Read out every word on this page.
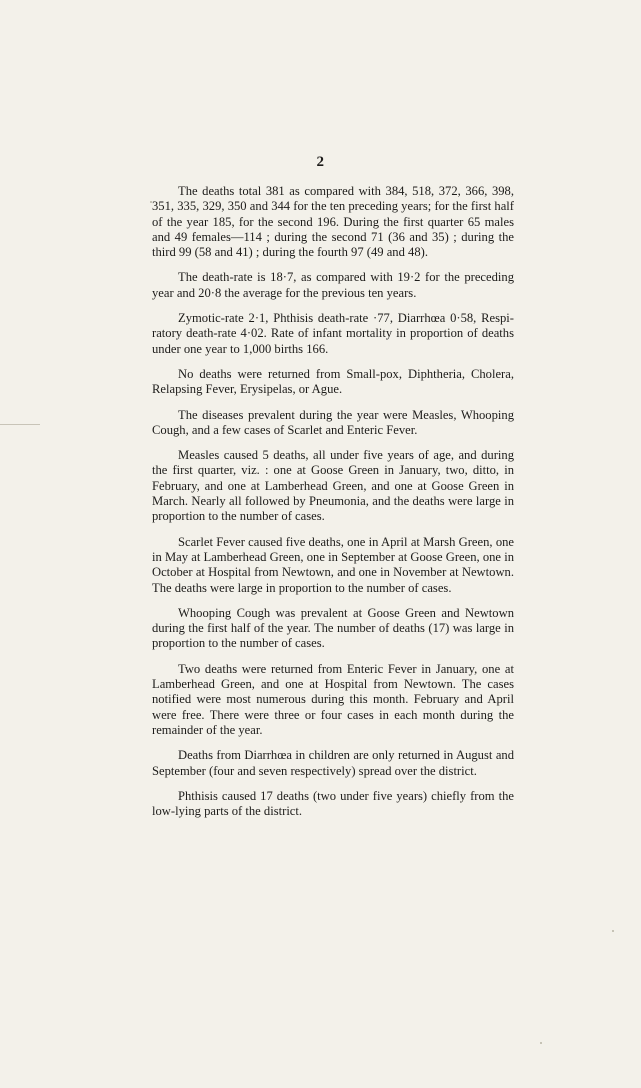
2

The deaths total 381 as compared with 384, 518, 372, 366, 398, 351, 335, 329, 350 and 344 for the ten preceding years; for the first half of the year 185, for the second 196. During the first quarter 65 males and 49 females—114 ; during the second 71 (36 and 35) ; during the third 99 (58 and 41) ; during the fourth 97 (49 and 48).

The death-rate is 18·7, as compared with 19·2 for the preceding year and 20·8 the average for the previous ten years.

Zymotic-rate 2·1, Phthisis death-rate ·77, Diarrhœa 0·58, Respi-ratory death-rate 4·02. Rate of infant mortality in proportion of deaths under one year to 1,000 births 166.

No deaths were returned from Small-pox, Diphtheria, Cholera, Relapsing Fever, Erysipelas, or Ague.

The diseases prevalent during the year were Measles, Whooping Cough, and a few cases of Scarlet and Enteric Fever.

Measles caused 5 deaths, all under five years of age, and during the first quarter, viz. : one at Goose Green in January, two, ditto, in February, and one at Lamberhead Green, and one at Goose Green in March. Nearly all followed by Pneumonia, and the deaths were large in proportion to the number of cases.

Scarlet Fever caused five deaths, one in April at Marsh Green, one in May at Lamberhead Green, one in September at Goose Green, one in October at Hospital from Newtown, and one in November at Newtown. The deaths were large in proportion to the number of cases.

Whooping Cough was prevalent at Goose Green and Newtown during the first half of the year. The number of deaths (17) was large in proportion to the number of cases.

Two deaths were returned from Enteric Fever in January, one at Lamberhead Green, and one at Hospital from Newtown. The cases notified were most numerous during this month. February and April were free. There were three or four cases in each month during the remainder of the year.

Deaths from Diarrhœa in children are only returned in August and September (four and seven respectively) spread over the district.

Phthisis caused 17 deaths (two under five years) chiefly from the low-lying parts of the district.
